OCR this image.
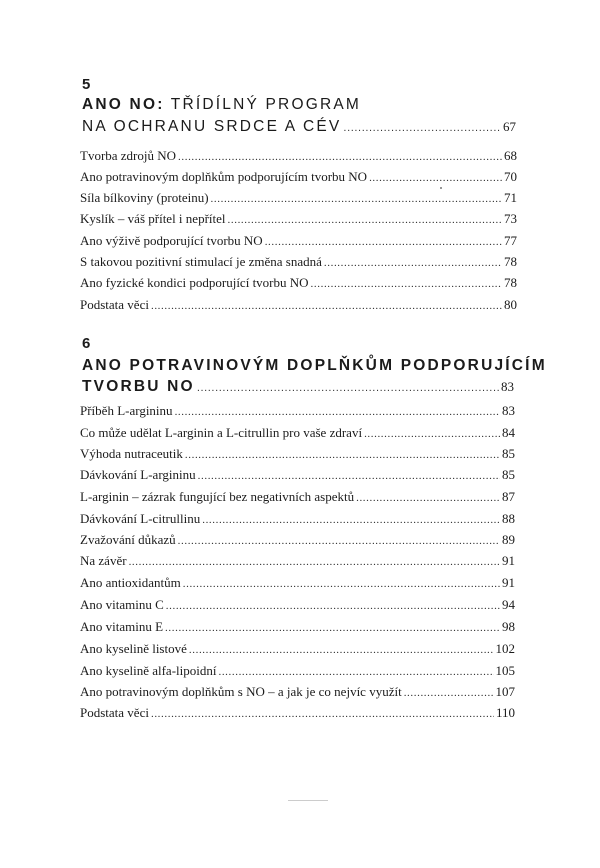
5
ANO NO: TŘÍDÍLNÝ PROGRAM
NA OCHRANU SRDCE A CÉV .....	67
Tvorba zdrojů NO .....	68
Ano potravinovým doplňkům podporujícím tvorbu NO .....	70
Síla bílkoviny (proteinu) .....	71
Kyslík – váš přítel i nepřítel .....	73
Ano výživě podporující tvorbu NO .....	77
S takovou pozitivní stimulací je změna snadná .....	78
Ano fyzické kondici podporující tvorbu NO .....	78
Podstata věci .....	80
6
ANO POTRAVINOVÝM DOPLŇKŮM PODPORUJÍCÍM
TVORBU NO .....	83
Příběh L-argininu .....	83
Co může udělat L-arginin a L-citrullin pro vaše zdraví .....	84
Výhoda nutraceutik .....	85
Dávkování L-argininu .....	85
L-arginin – zázrak fungující bez negativních aspektů .....	87
Dávkování L-citrullinu .....	88
Zvažování důkazů .....	89
Na závěr .....	91
Ano antioxidantům .....	91
Ano vitaminu C .....	94
Ano vitaminu E .....	98
Ano kyselině listové .....	102
Ano kyselině alfa-lipoidní .....	105
Ano potravinovým doplňkům s NO – a jak je co nejvíc využít .....	107
Podstata věci .....	110
